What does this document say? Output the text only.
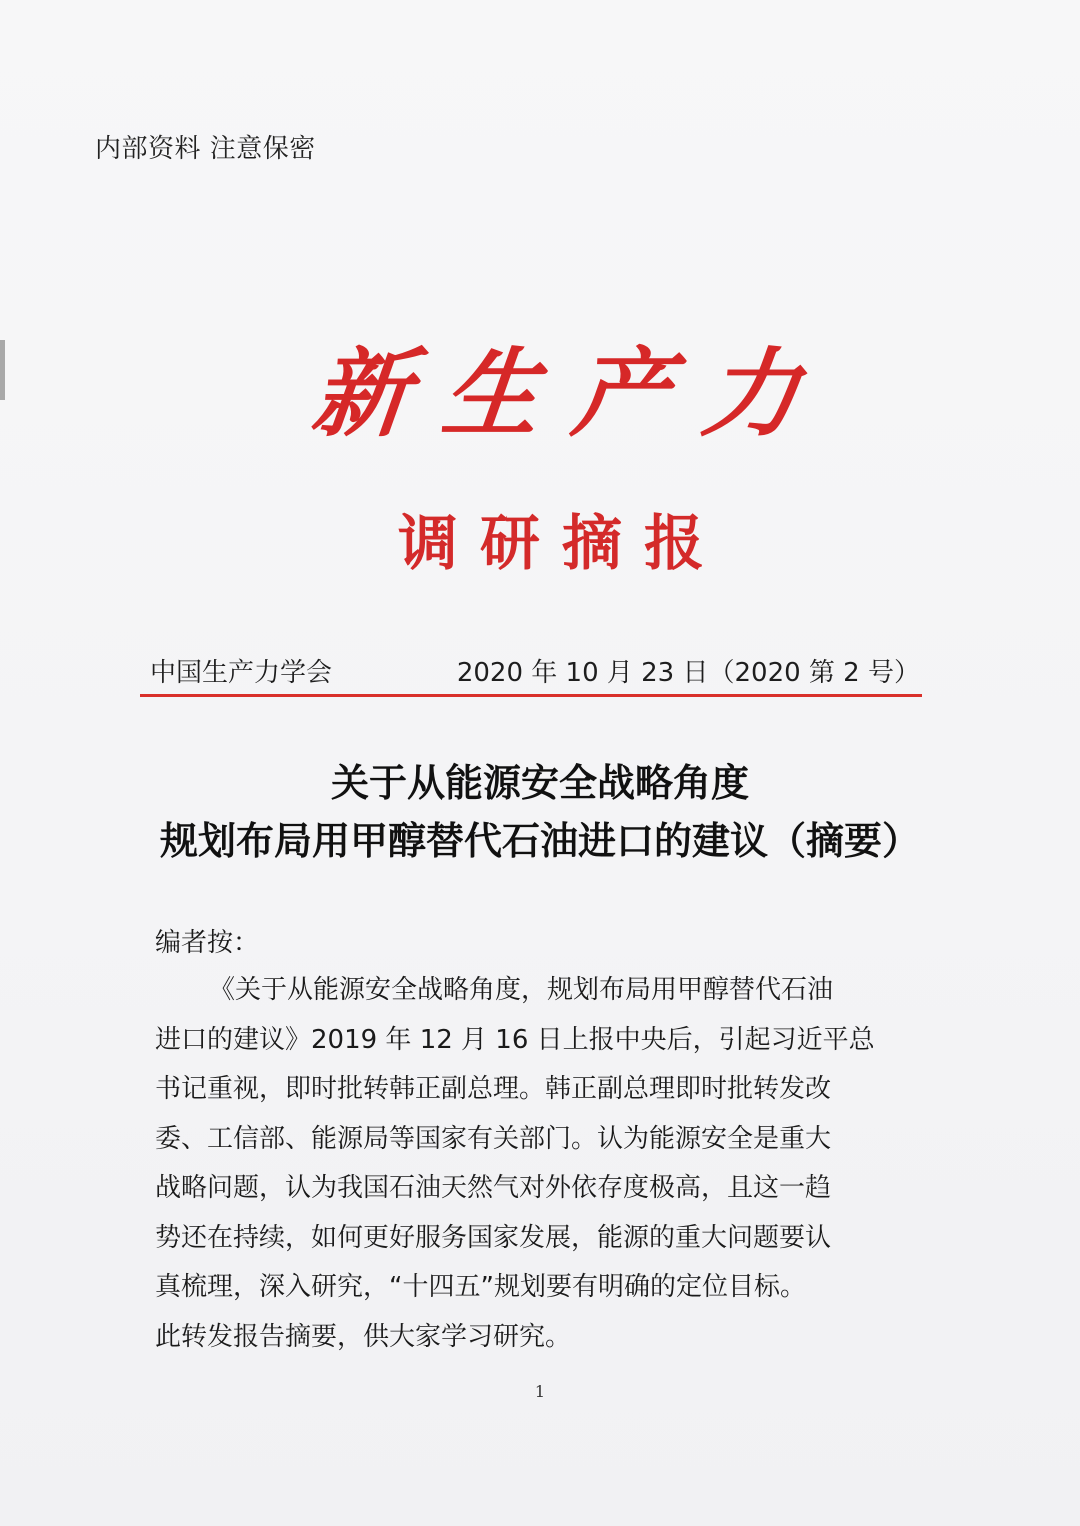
内部资料 注意保密
新生产力
调研摘报
中国生产力学会	2020 年 10 月 23 日（2020 第 2 号）
关于从能源安全战略角度
规划布局用甲醇替代石油进口的建议（摘要）
编者按：
《关于从能源安全战略角度，规划布局用甲醇替代石油
进口的建议》2019 年 12 月 16 日上报中央后，引起习近平总
书记重视，即时批转韩正副总理。韩正副总理即时批转发改
委、工信部、能源局等国家有关部门。认为能源安全是重大
战略问题，认为我国石油天然气对外依存度极高，且这一趋
势还在持续，如何更好服务国家发展，能源的重大问题要认
真梳理，深入研究，“十四五”规划要有明确的定位目标。
此转发报告摘要，供大家学习研究。
1
